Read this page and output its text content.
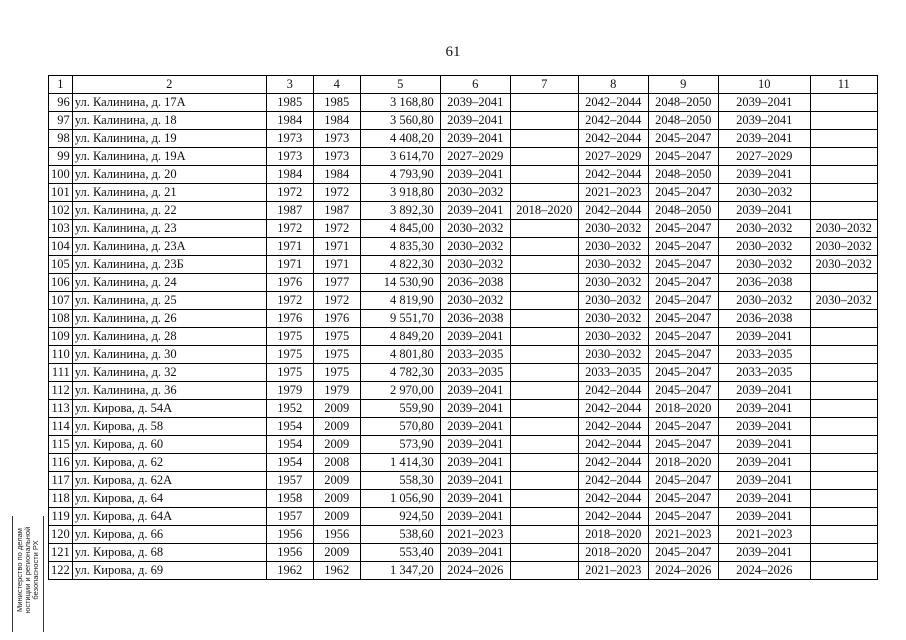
61
1	2	3	4	5	6	7	8	9	10	11
96	ул. Калинина, д. 17А	1985	1985	3 168,80	2039–2041		2042–2044	2048–2050	2039–2041	
97	ул. Калинина, д. 18	1984	1984	3 560,80	2039–2041		2042–2044	2048–2050	2039–2041	
98	ул. Калинина, д. 19	1973	1973	4 408,20	2039–2041		2042–2044	2045–2047	2039–2041	
99	ул. Калинина, д. 19А	1973	1973	3 614,70	2027–2029		2027–2029	2045–2047	2027–2029	
100	ул. Калинина, д. 20	1984	1984	4 793,90	2039–2041		2042–2044	2048–2050	2039–2041	
101	ул. Калинина, д. 21	1972	1972	3 918,80	2030–2032		2021–2023	2045–2047	2030–2032	
102	ул. Калинина, д. 22	1987	1987	3 892,30	2039–2041	2018–2020	2042–2044	2048–2050	2039–2041	
103	ул. Калинина, д. 23	1972	1972	4 845,00	2030–2032		2030–2032	2045–2047	2030–2032	2030–2032
104	ул. Калинина, д. 23А	1971	1971	4 835,30	2030–2032		2030–2032	2045–2047	2030–2032	2030–2032
105	ул. Калинина, д. 23Б	1971	1971	4 822,30	2030–2032		2030–2032	2045–2047	2030–2032	2030–2032
106	ул. Калинина, д. 24	1976	1977	14 530,90	2036–2038		2030–2032	2045–2047	2036–2038	
107	ул. Калинина, д. 25	1972	1972	4 819,90	2030–2032		2030–2032	2045–2047	2030–2032	2030–2032
108	ул. Калинина, д. 26	1976	1976	9 551,70	2036–2038		2030–2032	2045–2047	2036–2038	
109	ул. Калинина, д. 28	1975	1975	4 849,20	2039–2041		2030–2032	2045–2047	2039–2041	
110	ул. Калинина, д. 30	1975	1975	4 801,80	2033–2035		2030–2032	2045–2047	2033–2035	
111	ул. Калинина, д. 32	1975	1975	4 782,30	2033–2035		2033–2035	2045–2047	2033–2035	
112	ул. Калинина, д. 36	1979	1979	2 970,00	2039–2041		2042–2044	2045–2047	2039–2041	
113	ул. Кирова, д. 54А	1952	2009	559,90	2039–2041		2042–2044	2018–2020	2039–2041	
114	ул. Кирова, д. 58	1954	2009	570,80	2039–2041		2042–2044	2045–2047	2039–2041	
115	ул. Кирова, д. 60	1954	2009	573,90	2039–2041		2042–2044	2045–2047	2039–2041	
116	ул. Кирова, д. 62	1954	2008	1 414,30	2039–2041		2042–2044	2018–2020	2039–2041	
117	ул. Кирова, д. 62А	1957	2009	558,30	2039–2041		2042–2044	2045–2047	2039–2041	
118	ул. Кирова, д. 64	1958	2009	1 056,90	2039–2041		2042–2044	2045–2047	2039–2041	
119	ул. Кирова, д. 64А	1957	2009	924,50	2039–2041		2042–2044	2045–2047	2039–2041	
120	ул. Кирова, д. 66	1956	1956	538,60	2021–2023		2018–2020	2021–2023	2021–2023	
121	ул. Кирова, д. 68	1956	2009	553,40	2039–2041		2018–2020	2045–2047	2039–2041	
122	ул. Кирова, д. 69	1962	1962	1 347,20	2024–2026		2021–2023	2024–2026	2024–2026	
Министерство по делам юстиции и региональной безопасности РХ
